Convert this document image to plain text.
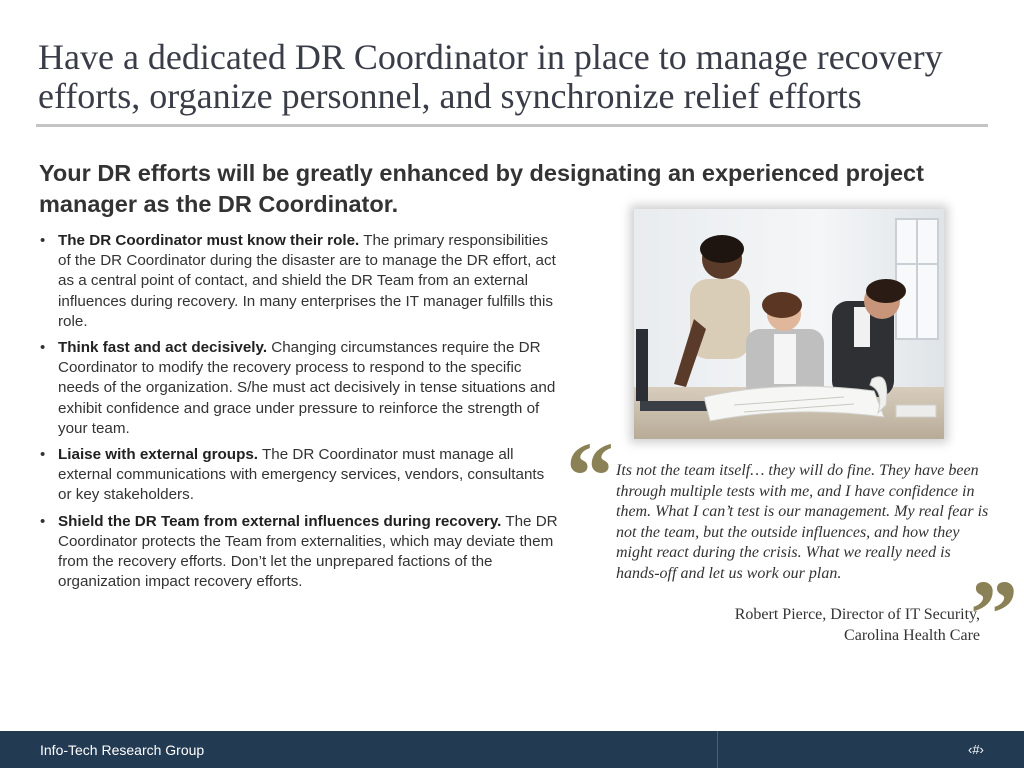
Have a dedicated DR Coordinator in place to manage recovery efforts, organize personnel, and synchronize relief efforts
Your DR efforts will be greatly enhanced by designating an experienced project manager as the DR Coordinator.
• The DR Coordinator must know their role. The primary responsibilities of the DR Coordinator during the disaster are to manage the DR effort, act as a central point of contact, and shield the DR Team from an external influences during recovery. In many enterprises the IT manager fulfills this role.
• Think fast and act decisively. Changing circumstances require the DR Coordinator to modify the recovery process to respond to the specific needs of the organization. S/he must act decisively in tense situations and exhibit confidence and grace under pressure to reinforce the strength of your team.
• Liaise with external groups. The DR Coordinator must manage all external communications with emergency services, vendors, consultants or key stakeholders.
• Shield the DR Team from external influences during recovery. The DR Coordinator protects the Team from externalities, which may deviate them from the recovery efforts. Don’t let the unprepared factions of the organization impact recovery efforts.
“ Its not the team itself… they will do fine. They have been through multiple tests with me, and I have confidence in them. What I can’t test is our management. My real fear is not the team, but the outside influences, and how they might react during the crisis. What we really need is hands-off and let us work our plan.	”

Robert Pierce, Director of IT Security,
Carolina Health Care

Info-Tech Research Group	‹#›
